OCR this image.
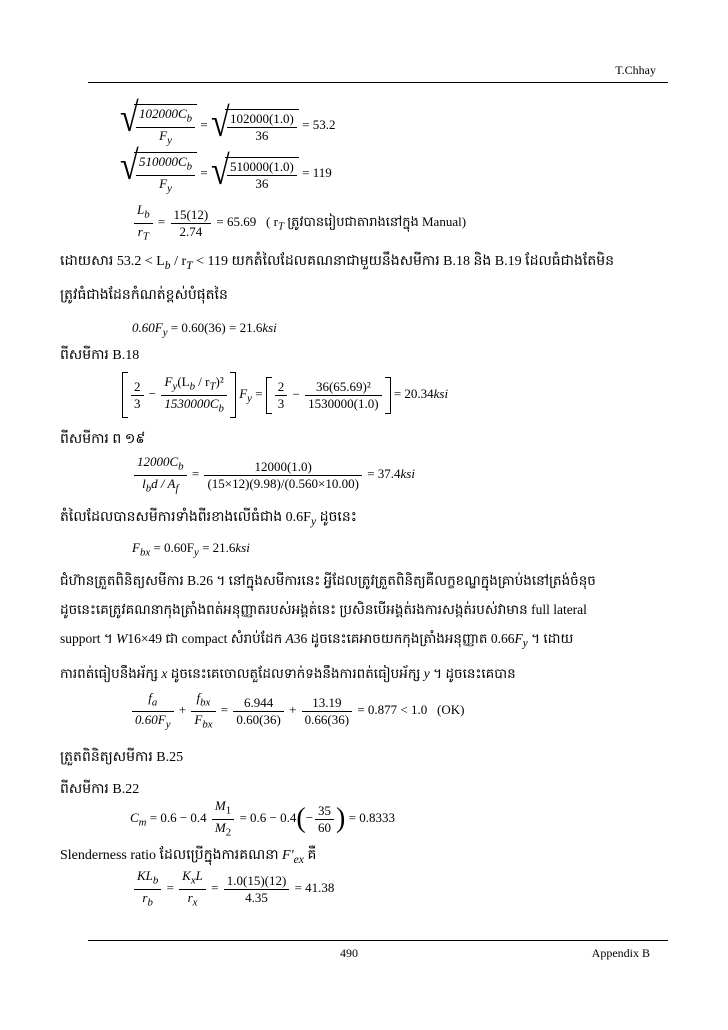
T.Chhay
√ $\frac{102000C_b}{F_y}$ = √ $\frac{102000(1.0)}{36} = 53.2$
√ $\frac{510000C_b}{F_y}$ = √ $\frac{510000(1.0)}{36} = 119$
$\frac{L_b}{r_T} = \frac{15(12)}{2.74} = 65.69$ ( $r_T$ ត្រូវបានរៀបជាតារាងនៅក្នុង Manual)
ដោយសារ $53.2 < L_b / r_T < 119$ យកតំលៃដែលគណនាជាមួយនឹងសមីការ B.18 និង B.19 ដែលធំជាងតែមិន
ត្រូវធំជាងដែនកំណត់ខ្ពស់បំផុតនៃ
$0.60F_y = 0.60(36) = 21.6ksi$
ពីសមីការ B.18
$\frac{2}{3} - \frac{F_y(L_b / r_T)^2}{1530000C_b} F_y = \frac{2}{3} - \frac{\text{36(65.69)²}}{1530000(1.0)} = 20.34ksi$
ពីសមីការ ព ១៩
$\frac{12000C_b}{l_bd / A_f} = \frac{12000(1.0)}{(15\times 12)(9.98)/(0.560\times 10.00)} = 37.4ksi$
តំលៃដែលបានសមីការទាំងពីរខាងលើធំជាង $0.6F_y$ ដូចនេះ
$F_{bx} = 0.60F_y = 21.6ksi$
ជំហ៊ានត្រួតពិនិត្យសមីការ B.26 ។ នៅក្នុងសមីការនេះ អ្វីដែលត្រូវត្រួតពិនិត្យគឺលក្ខខណ្ឌក្នុងគ្រាប់ងនៅត្រង់ចំនុច
ដូចនេះគេត្រូវគណនាកុងត្រាំងពត់អនុញ្ញាតរបស់អង្គត់នេះ ប្រសិនបើអង្គត់រងការសង្កត់របស់វាមាន full lateral
support ។ W16×49 ជា compact សំរាប់ដែក A36 ដូចនេះគេអាចយកកុងត្រាំងអនុញ្ញាត $0.66F_y$ ។ ដោយ
ការពត់ធៀបនឹងអ័ក្ស x ដូចនេះគេចោលតួដែលទាក់ទងនឹងការពត់ធៀបអ័ក្ស y ។ ដូចនេះគេបាន
$\frac{f_a}{0.60F_y} + \frac{f_{bx}}{F_{bx}} = \frac{6.944}{0.60(36)} + \frac{13.19}{0.66(36)} = 0.877 < 1.0$ (OK)
ត្រួតពិនិត្យសមីការ B.25
ពីសមីការ B.22
$C_m = 0.6 - 0.4 \frac{M_1}{M_2} = 0.6 - 0.4(- \frac{35}{60}$ ) = 0.8333
Slenderness ratio ដែលប្រើក្នុងការគណនា $F'_{ex}$ គឺ
$\frac{KL_b}{r_b} = \frac{K_xL}{r_x} = \frac{1.0(15)(12)}{4.35} = 41.38$
490	Appendix B
